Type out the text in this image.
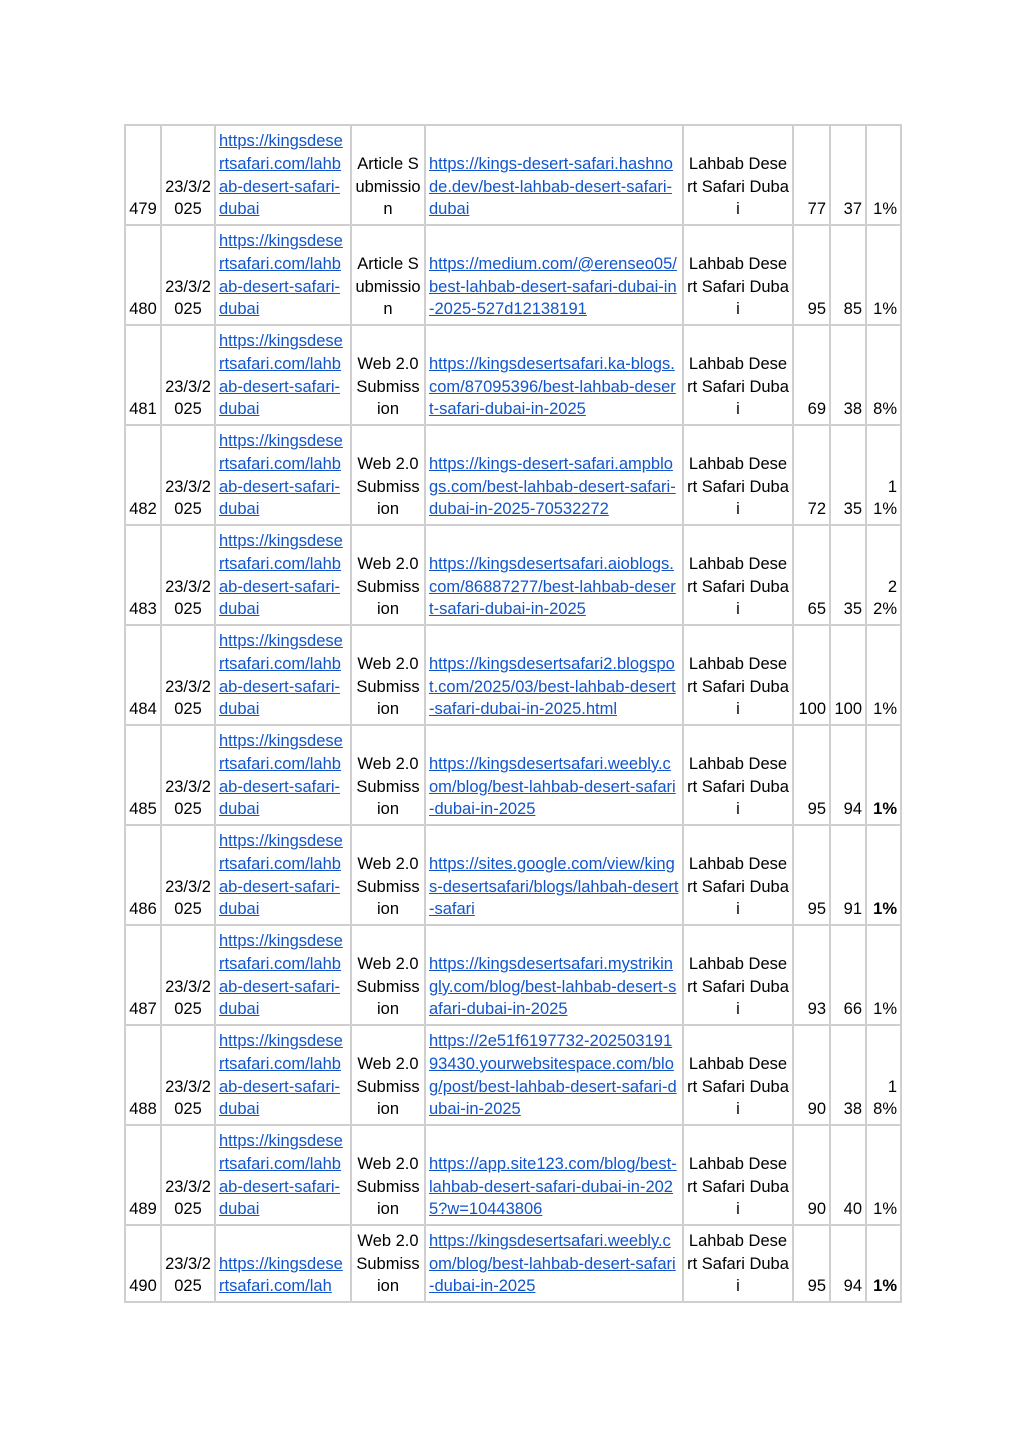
479	23/3/2025	https://kingsdesertsafari.com/lahbab-desert-safari-dubai	Article Submission	https://kings-desert-safari.hashnode.dev/best-lahbab-desert-safari-dubai	Lahbab Desert Safari Dubai	77	37	1%

480	23/3/2025	https://kingsdesertsafari.com/lahbab-desert-safari-dubai	Article Submission	https://medium.com/@erenseo05/best-lahbab-desert-safari-dubai-in-2025-527d12138191	Lahbab Desert Safari Dubai	95	85	1%

481	23/3/2025	https://kingsdesertsafari.com/lahbab-desert-safari-dubai	Web 2.0 Submission	https://kingsdesertsafari.ka-blogs.com/87095396/best-lahbab-desert-safari-dubai-in-2025	Lahbab Desert Safari Dubai	69	38	8%

482	23/3/2025	https://kingsdesertsafari.com/lahbab-desert-safari-dubai	Web 2.0 Submission	https://kings-desert-safari.ampblogs.com/best-lahbab-desert-safari-dubai-in-2025-70532272	Lahbab Desert Safari Dubai	72	35	11%

483	23/3/2025	https://kingsdesertsafari.com/lahbab-desert-safari-dubai	Web 2.0 Submission	https://kingsdesertsafari.aioblogs.com/86887277/best-lahbab-desert-safari-dubai-in-2025	Lahbab Desert Safari Dubai	65	35	22%

484	23/3/2025	https://kingsdesertsafari.com/lahbab-desert-safari-dubai	Web 2.0 Submission	https://kingsdesertsafari2.blogspot.com/2025/03/best-lahbab-desert-safari-dubai-in-2025.html	Lahbab Desert Safari Dubai	100	100	1%

485	23/3/2025	https://kingsdesertsafari.com/lahbab-desert-safari-dubai	Web 2.0 Submission	https://kingsdesertsafari.weebly.com/blog/best-lahbab-desert-safari-dubai-in-2025	Lahbab Desert Safari Dubai	95	94	1%

486	23/3/2025	https://kingsdesertsafari.com/lahbab-desert-safari-dubai	Web 2.0 Submission	https://sites.google.com/view/kings-desertsafari/blogs/lahbah-desert-safari	Lahbab Desert Safari Dubai	95	91	1%

487	23/3/2025	https://kingsdesertsafari.com/lahbab-desert-safari-dubai	Web 2.0 Submission	https://kingsdesertsafari.mystrikingly.com/blog/best-lahbab-desert-safari-dubai-in-2025	Lahbab Desert Safari Dubai	93	66	1%

488	23/3/2025	https://kingsdesertsafari.com/lahbab-desert-safari-dubai	Web 2.0 Submission	https://2e51f6197732-20250319193430.yourwebsitespace.com/blog/post/best-lahbab-desert-safari-dubai-in-2025	Lahbab Desert Safari Dubai	90	38	18%

489	23/3/2025	https://kingsdesertsafari.com/lahbab-desert-safari-dubai	Web 2.0 Submission	https://app.site123.com/blog/best-lahbab-desert-safari-dubai-in-2025?w=10443806	Lahbab Desert Safari Dubai	90	40	1%

490	23/3/2025	https://kingsdesertsafari.com/lah	Web 2.0 Submission	https://kingsdesertsafari.weebly.com/blog/best-lahbab-desert-safari-dubai-in-2025	Lahbab Desert Safari Dubai	95	94	1%
